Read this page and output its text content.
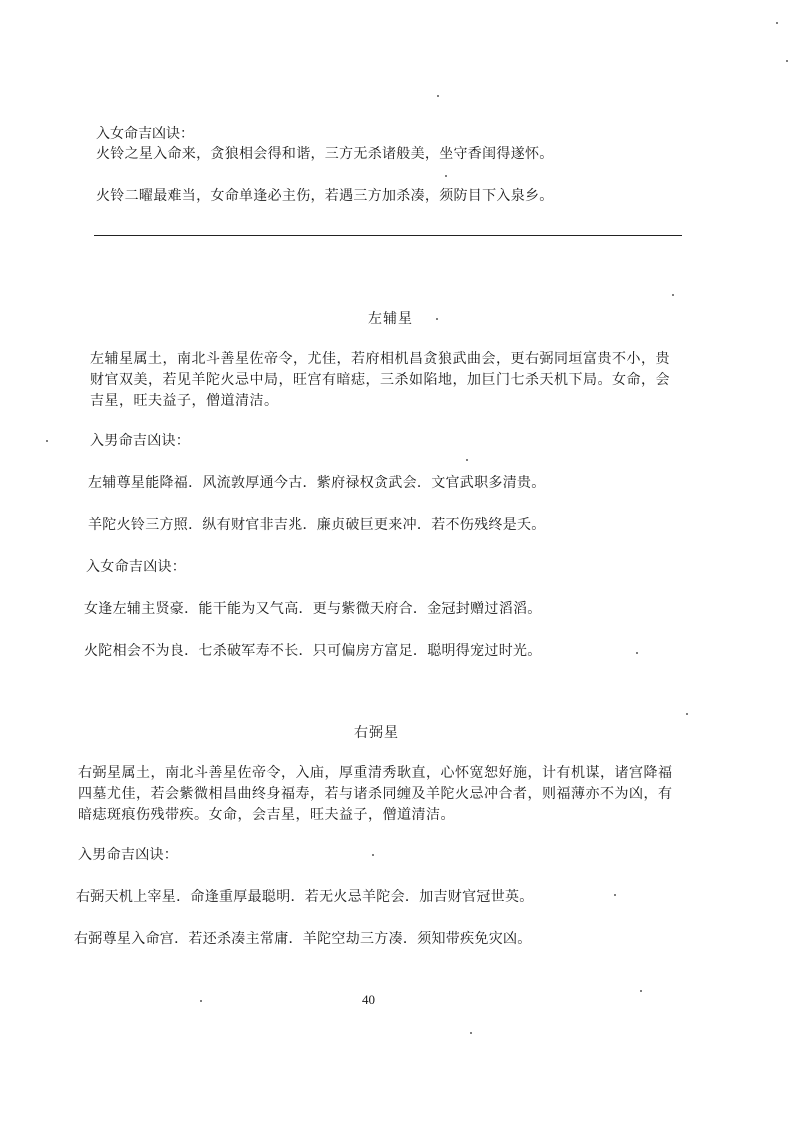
入女命吉凶诀：
火铃之星入命来，贪狼相会得和谐，三方无杀诸般美，坐守香闺得遂怀。
火铃二曜最难当，女命单逢必主伤，若遇三方加杀凑，须防目下入泉乡。
左辅星
左辅星属土，南北斗善星佐帝令，尤佳，若府相机昌贪狼武曲会，更右弼同垣富贵不小，贵财官双美，若见羊陀火忌中局，旺宫有暗痣，三杀如陷地，加巨门七杀天机下局。女命，会吉星，旺夫益子，僧道清洁。
入男命吉凶诀：
左辅尊星能降福．风流敦厚通今古．紫府禄权贪武会．文官武职多清贵。
羊陀火铃三方照．纵有财官非吉兆．廉贞破巨更来冲．若不伤残终是夭。
入女命吉凶诀：
女逢左辅主贤豪．能干能为又气高．更与紫微天府合．金冠封赠过滔滔。
火陀相会不为良．七杀破军寿不长．只可偏房方富足．聪明得宠过时光。
右弼星
右弼星属土，南北斗善星佐帝令，入庙，厚重清秀耿直，心怀宽恕好施，计有机谋，诸宫降福四墓尤佳，若会紫微相昌曲终身福寿，若与诸杀同缠及羊陀火忌冲合者，则福薄亦不为凶，有暗痣斑痕伤残带疾。女命，会吉星，旺夫益子，僧道清洁。
入男命吉凶诀：
右弼天机上宰星．命逢重厚最聪明．若无火忌羊陀会．加吉财官冠世英。
右弼尊星入命宫．若还杀凑主常庸．羊陀空劫三方凑．须知带疾免灾凶。
40
